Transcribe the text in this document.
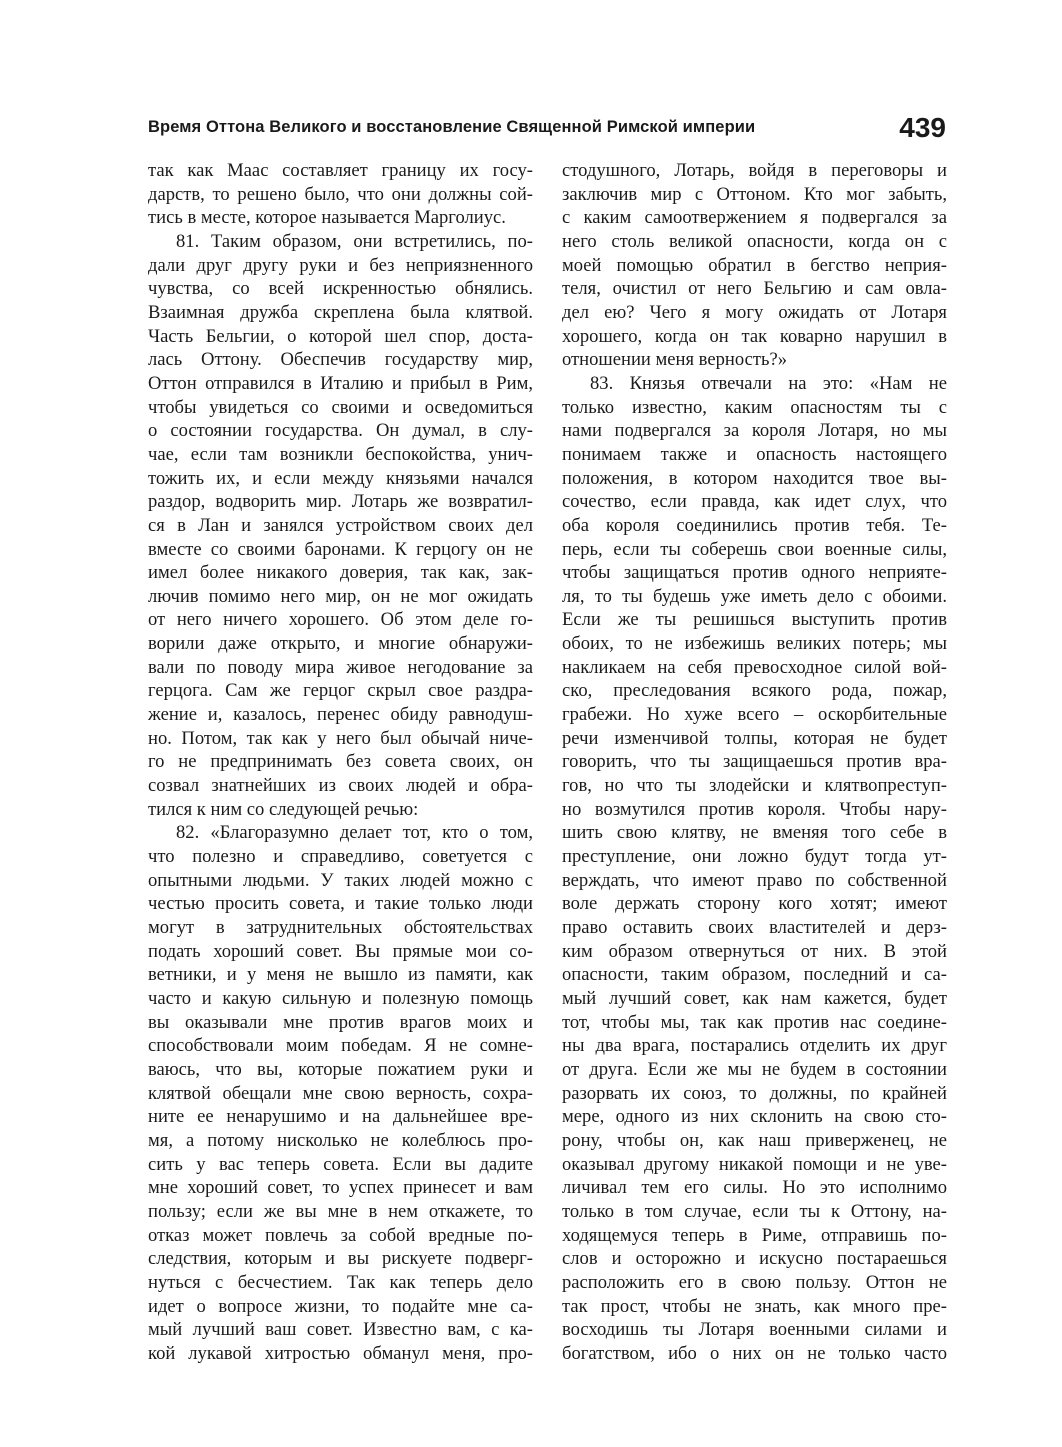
Время Оттона Великого и восстановление Священной Римской империи	439
так как Маас составляет границу их госу-
дарств, то решено было, что они должны сой-
тись в месте, которое называется Марголиус.
81. Таким образом, они встретились, по-
дали друг другу руки и без неприязненного
чувства, со всей искренностью обнялись.
Взаимная дружба скреплена была клятвой.
Часть Бельгии, о которой шел спор, доста-
лась Оттону. Обеспечив государству мир,
Оттон отправился в Италию и прибыл в Рим,
чтобы увидеться со своими и осведомиться
о состоянии государства. Он думал, в слу-
чае, если там возникли беспокойства, унич-
тожить их, и если между князьями начался
раздор, водворить мир. Лотарь же возвратил-
ся в Лан и занялся устройством своих дел
вместе со своими баронами. К герцогу он не
имел более никакого доверия, так как, зак-
лючив помимо него мир, он не мог ожидать
от него ничего хорошего. Об этом деле го-
ворили даже открыто, и многие обнаружи-
вали по поводу мира живое негодование за
герцога. Сам же герцог скрыл свое раздра-
жение и, казалось, перенес обиду равнодуш-
но. Потом, так как у него был обычай ниче-
го не предпринимать без совета своих, он
созвал знатнейших из своих людей и обра-
тился к ним со следующей речью:
82. «Благоразумно делает тот, кто о том,
что полезно и справедливо, советуется с
опытными людьми. У таких людей можно с
честью просить совета, и такие только люди
могут в затруднительных обстоятельствах
подать хороший совет. Вы прямые мои со-
ветники, и у меня не вышло из памяти, как
часто и какую сильную и полезную помощь
вы оказывали мне против врагов моих и
способствовали моим победам. Я не сомне-
ваюсь, что вы, которые пожатием руки и
клятвой обещали мне свою верность, сохра-
ните ее ненарушимо и на дальнейшее вре-
мя, а потому нисколько не колеблюсь про-
сить у вас теперь совета. Если вы дадите
мне хороший совет, то успех принесет и вам
пользу; если же вы мне в нем откажете, то
отказ может повлечь за собой вредные по-
следствия, которым и вы рискуете подверг-
нуться с бесчестием. Так как теперь дело
идет о вопросе жизни, то подайте мне са-
мый лучший ваш совет. Известно вам, с ка-
кой лукавой хитростью обманул меня, про-
стодушного, Лотарь, войдя в переговоры и
заключив мир с Оттоном. Кто мог забыть,
с каким самоотвержением я подвергался за
него столь великой опасности, когда он с
моей помощью обратил в бегство неприя-
теля, очистил от него Бельгию и сам овла-
дел ею? Чего я могу ожидать от Лотаря
хорошего, когда он так коварно нарушил в
отношении меня верность?»
83. Князья отвечали на это: «Нам не
только известно, каким опасностям ты с
нами подвергался за короля Лотаря, но мы
понимаем также и опасность настоящего
положения, в котором находится твое вы-
сочество, если правда, как идет слух, что
оба короля соединились против тебя. Те-
перь, если ты соберешь свои военные силы,
чтобы защищаться против одного неприяте-
ля, то ты будешь уже иметь дело с обоими.
Если же ты решишься выступить против
обоих, то не избежишь великих потерь; мы
накликаем на себя превосходное силой вой-
ско, преследования всякого рода, пожар,
грабежи. Но хуже всего – оскорбительные
речи изменчивой толпы, которая не будет
говорить, что ты защищаешься против вра-
гов, но что ты злодейски и клятвопреступ-
но возмутился против короля. Чтобы нару-
шить свою клятву, не вменяя того себе в
преступление, они ложно будут тогда ут-
верждать, что имеют право по собственной
воле держать сторону кого хотят; имеют
право оставить своих властителей и дерз-
ким образом отвернуться от них. В этой
опасности, таким образом, последний и са-
мый лучший совет, как нам кажется, будет
тот, чтобы мы, так как против нас соедине-
ны два врага, постарались отделить их друг
от друга. Если же мы не будем в состоянии
разорвать их союз, то должны, по крайней
мере, одного из них склонить на свою сто-
рону, чтобы он, как наш приверженец, не
оказывал другому никакой помощи и не уве-
личивал тем его силы. Но это исполнимо
только в том случае, если ты к Оттону, на-
ходящемуся теперь в Риме, отправишь по-
слов и осторожно и искусно постараешься
расположить его в свою пользу. Оттон не
так прост, чтобы не знать, как много пре-
восходишь ты Лотаря военными силами и
богатством, ибо о них он не только часто
